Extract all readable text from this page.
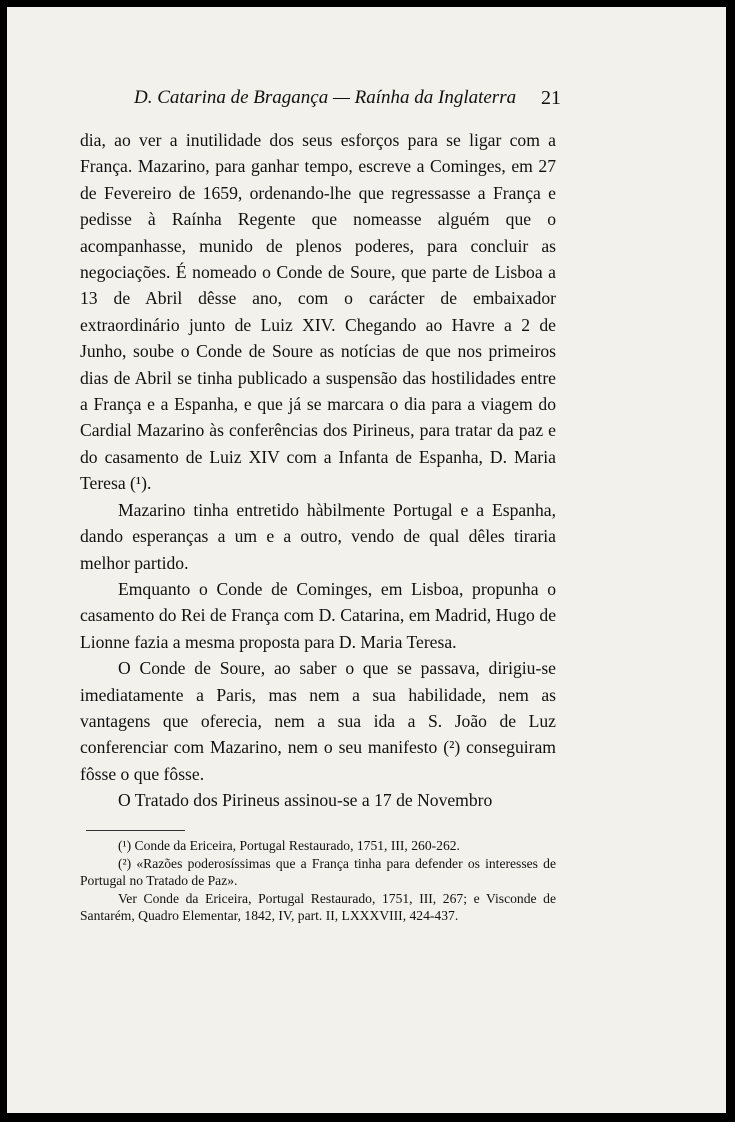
D. Catarina de Bragança — Raínha da Inglaterra 21

dia, ao ver a inutilidade dos seus esforços para se ligar com a França. Mazarino, para ganhar tempo, escreve a Cominges, em 27 de Fevereiro de 1659, ordenando-lhe que regressasse a França e pedisse à Raínha Regente que nomeasse alguém que o acompanhasse, munido de plenos poderes, para concluir as negociações. É nomeado o Conde de Soure, que parte de Lisboa a 13 de Abril dêsse ano, com o carácter de embaixador extraordinário junto de Luiz XIV. Chegando ao Havre a 2 de Junho, soube o Conde de Soure as notícias de que nos primeiros dias de Abril se tinha publicado a suspensão das hostilidades entre a França e a Espanha, e que já se marcara o dia para a viagem do Cardial Mazarino às conferências dos Pirineus, para tratar da paz e do casamento de Luiz XIV com a Infanta de Espanha, D. Maria Teresa (¹).

Mazarino tinha entretido hàbilmente Portugal e a Espanha, dando esperanças a um e a outro, vendo de qual dêles tiraria melhor partido.

Emquanto o Conde de Cominges, em Lisboa, propunha o casamento do Rei de França com D. Catarina, em Madrid, Hugo de Lionne fazia a mesma proposta para D. Maria Teresa.

O Conde de Soure, ao saber o que se passava, dirigiu-se imediatamente a Paris, mas nem a sua habilidade, nem as vantagens que oferecia, nem a sua ida a S. João de Luz conferenciar com Mazarino, nem o seu manifesto (²) conseguiram fôsse o que fôsse.

O Tratado dos Pirineus assinou-se a 17 de Novembro

(¹) Conde da Ericeira, Portugal Restaurado, 1751, III, 260-262.

(²) «Razões poderosíssimas que a França tinha para defender os interesses de Portugal no Tratado de Paz».

Ver Conde da Ericeira, Portugal Restaurado, 1751, III, 267; e Visconde de Santarém, Quadro Elementar, 1842, IV, part. II, LXXXVIII, 424-437.
